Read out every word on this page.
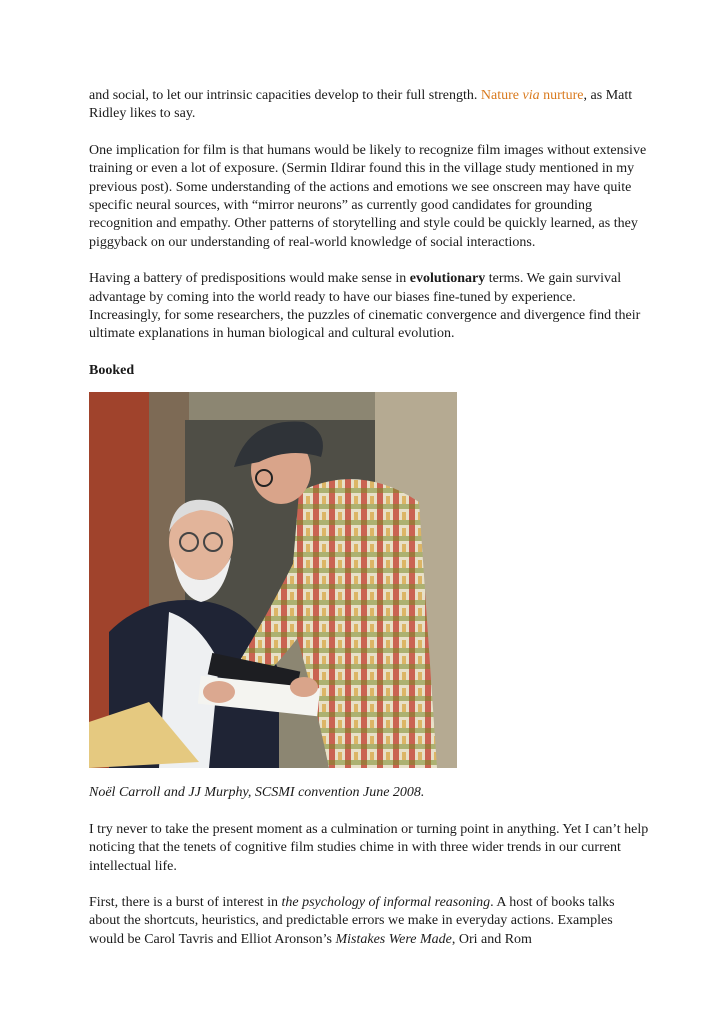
and social, to let our intrinsic capacities develop to their full strength. Nature via nurture, as Matt Ridley likes to say.

One implication for film is that humans would be likely to recognize film images without extensive training or even a lot of exposure. (Sermin Ildirar found this in the village study mentioned in my previous post). Some understanding of the actions and emotions we see onscreen may have quite specific neural sources, with “mirror neurons” as currently good candidates for grounding recognition and empathy. Other patterns of storytelling and style could be quickly learned, as they piggyback on our understanding of real-world knowledge of social interactions.

Having a battery of predispositions would make sense in evolutionary terms. We gain survival advantage by coming into the world ready to have our biases fine-tuned by experience. Increasingly, for some researchers, the puzzles of cinematic convergence and divergence find their ultimate explanations in human biological and cultural evolution.

Booked

Noël Carroll and JJ Murphy, SCSMI convention June 2008.

I try never to take the present moment as a culmination or turning point in anything. Yet I can’t help noticing that the tenets of cognitive film studies chime in with three wider trends in our current intellectual life.

First, there is a burst of interest in the psychology of informal reasoning. A host of books talks about the shortcuts, heuristics, and predictable errors we make in everyday actions. Examples would be Carol Tavris and Elliot Aronson’s Mistakes Were Made, Ori and Rom
